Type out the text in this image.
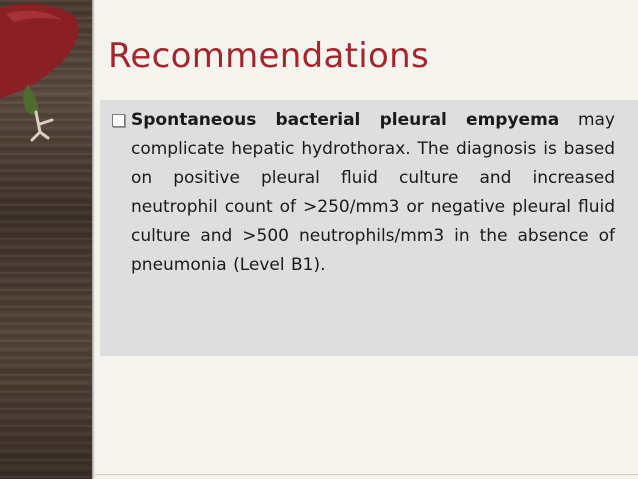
Recommendations

Spontaneous bacterial pleural empyema may complicate hepatic hydrothorax. The diagnosis is based on positive pleural fluid culture and increased neutrophil count of >250/mm3 or negative pleural fluid culture and >500 neutrophils/mm3 in the absence of pneumonia (Level B1).
